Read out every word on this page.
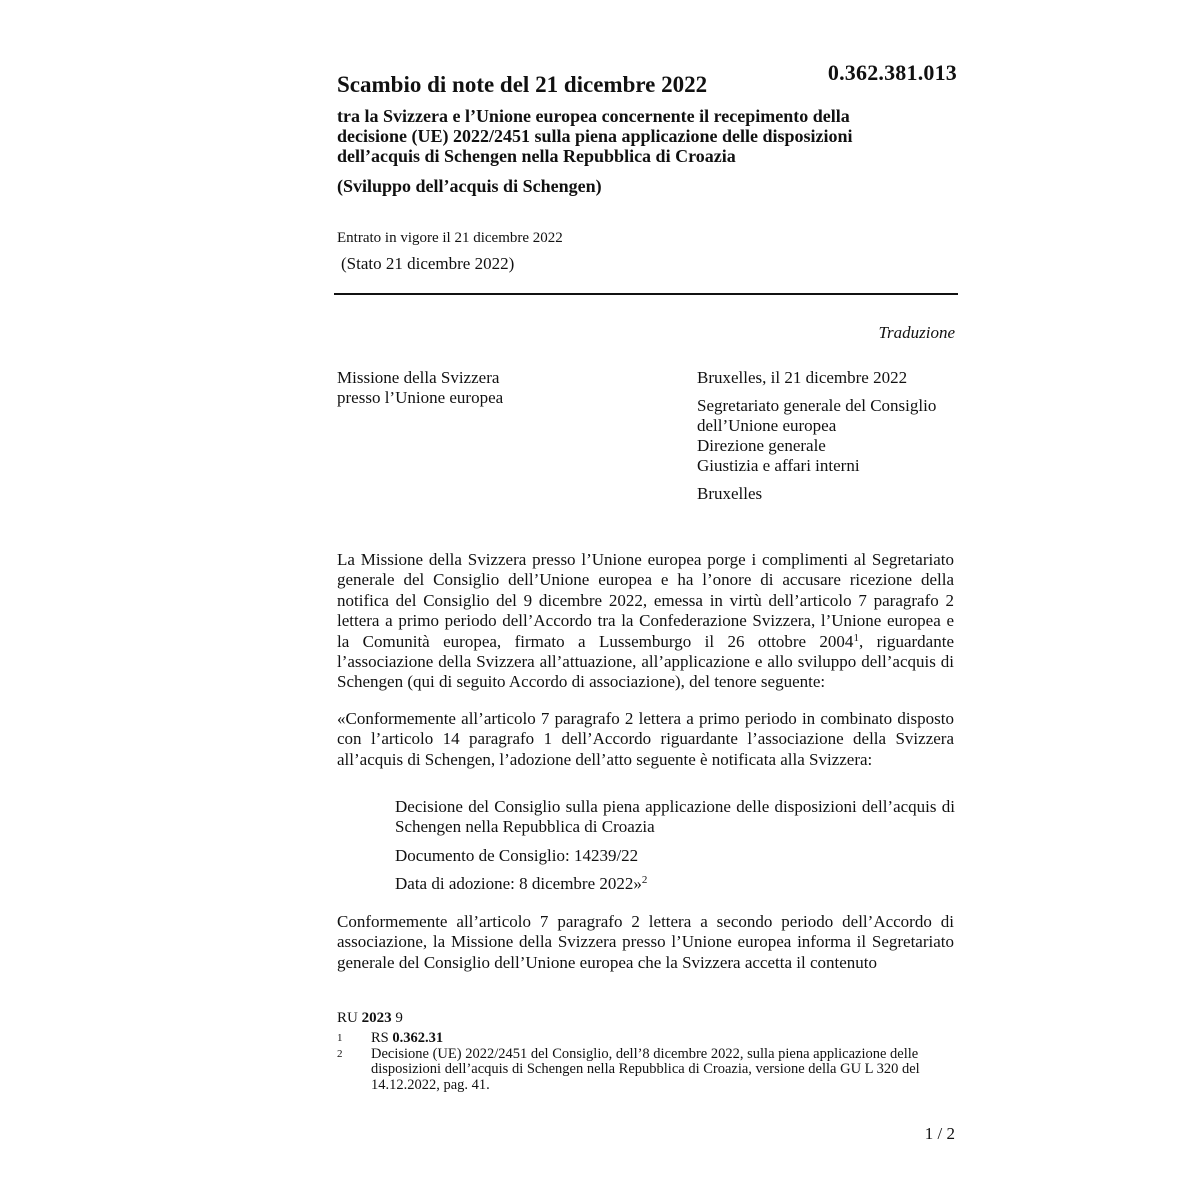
0.362.381.013
Scambio di note del 21 dicembre 2022
tra la Svizzera e l’Unione europea concernente il recepimento della
decisione (UE) 2022/2451 sulla piena applicazione delle disposizioni
dell’acquis di Schengen nella Repubblica di Croazia
(Sviluppo dell’acquis di Schengen)
Entrato in vigore il 21 dicembre 2022
(Stato 21 dicembre 2022)
Traduzione
Missione della Svizzera
presso l’Unione europea
Bruxelles, il 21 dicembre 2022
Segretariato generale del Consiglio
dell’Unione europea
Direzione generale
Giustizia e affari interni
Bruxelles
La Missione della Svizzera presso l’Unione europea porge i complimenti al Segretariato generale del Consiglio dell’Unione europea e ha l’onore di accusare ricezione della notifica del Consiglio del 9 dicembre 2022, emessa in virtù dell’articolo 7 paragrafo 2 lettera a primo periodo dell’Accordo tra la Confederazione Svizzera, l’Unione europea e la Comunità europea, firmato a Lussemburgo il 26 ottobre 2004$^1$, riguardante l’associazione della Svizzera all’attuazione, all’applicazione e allo sviluppo dell’acquis di Schengen (qui di seguito Accordo di associazione), del tenore seguente:
«Conformemente all’articolo 7 paragrafo 2 lettera a primo periodo in combinato disposto con l’articolo 14 paragrafo 1 dell’Accordo riguardante l’associazione della Svizzera all’acquis di Schengen, l’adozione dell’atto seguente è notificata alla Svizzera:
Decisione del Consiglio sulla piena applicazione delle disposizioni dell’acquis di Schengen nella Repubblica di Croazia
Documento de Consiglio: 14239/22
Data di adozione: 8 dicembre 2022»$^2$
Conformemente all’articolo 7 paragrafo 2 lettera a secondo periodo dell’Accordo di associazione, la Missione della Svizzera presso l’Unione europea informa il Segretariato generale del Consiglio dell’Unione europea che la Svizzera accetta il contenuto
RU 2023 9
1	RS 0.362.31
2	Decisione (UE) 2022/2451 del Consiglio, dell’8 dicembre 2022, sulla piena applicazione delle disposizioni dell’acquis di Schengen nella Repubblica di Croazia, versione della GU L 320 del 14.12.2022, pag. 41.
1 / 2
